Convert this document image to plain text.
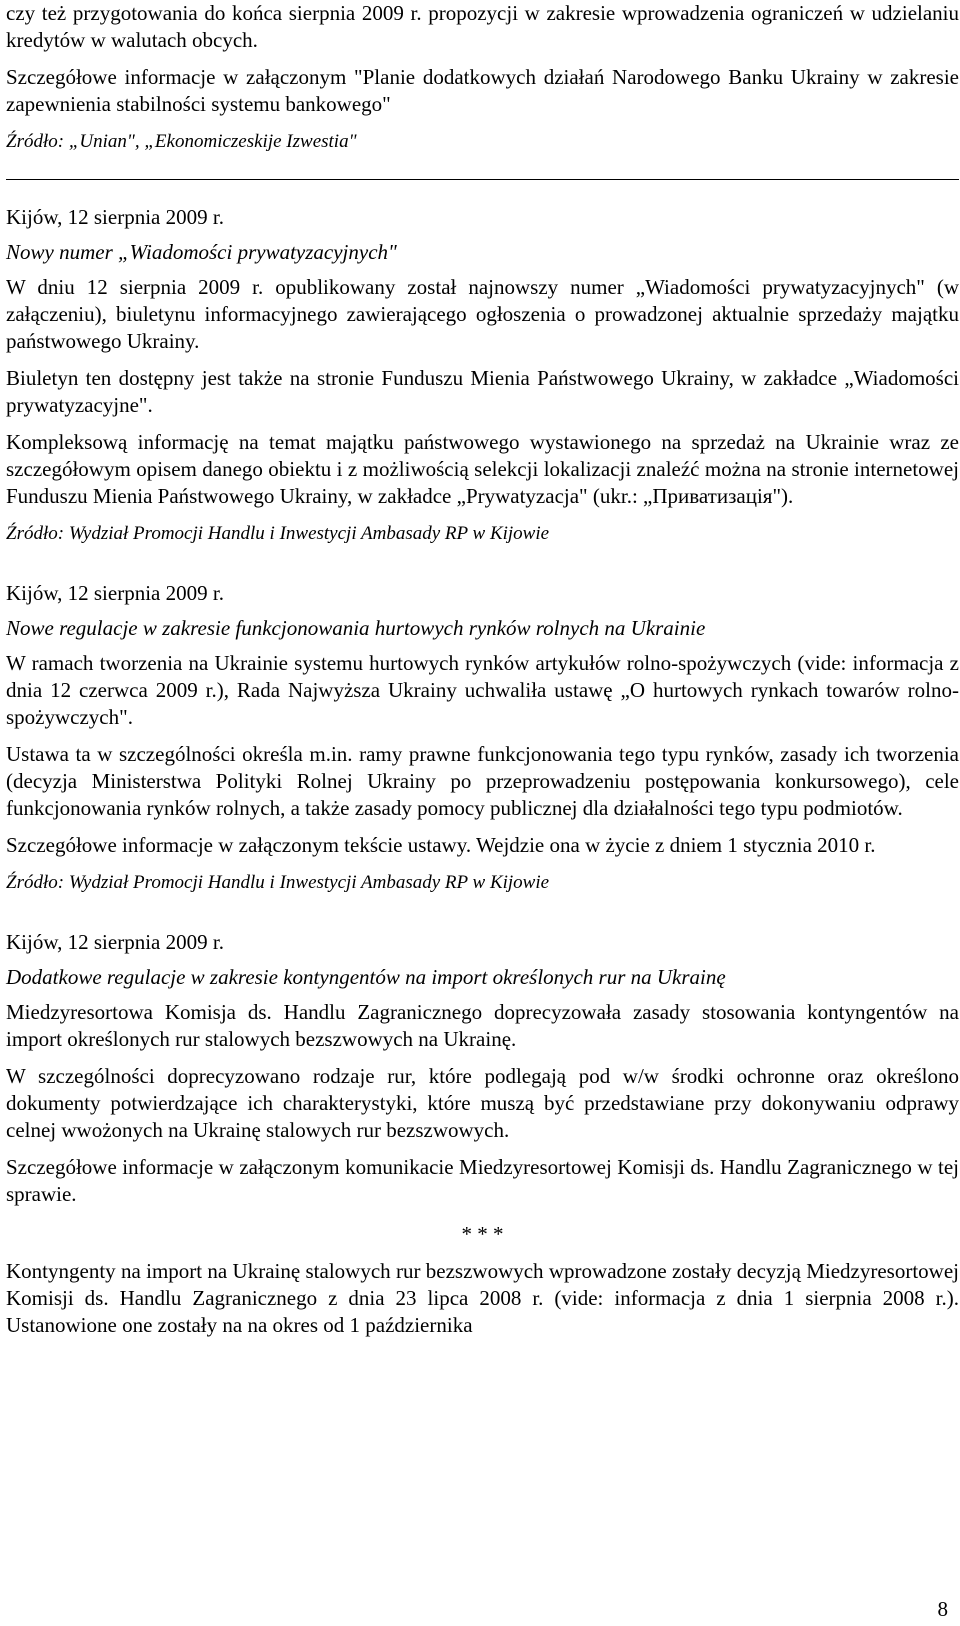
czy też przygotowania do końca sierpnia 2009 r. propozycji w zakresie wprowadzenia ograniczeń w udzielaniu kredytów w walutach obcych.

Szczegółowe informacje w załączonym "Planie dodatkowych działań Narodowego Banku Ukrainy w zakresie zapewnienia stabilności systemu bankowego"

Źródło: „Unian", „Ekonomiczeskije Izwestia"

Kijów, 12 sierpnia 2009 r.

Nowy numer „Wiadomości prywatyzacyjnych"

W dniu 12 sierpnia 2009 r. opublikowany został najnowszy numer „Wiadomości prywatyzacyjnych" (w załączeniu), biuletynu informacyjnego zawierającego ogłoszenia o prowadzonej aktualnie sprzedaży majątku państwowego Ukrainy.

Biuletyn ten dostępny jest także na stronie Funduszu Mienia Państwowego Ukrainy, w zakładce „Wiadomości prywatyzacyjne".

Kompleksową informację na temat majątku państwowego wystawionego na sprzedaż na Ukrainie wraz ze szczegółowym opisem danego obiektu i z możliwością selekcji lokalizacji znaleźć można na stronie internetowej Funduszu Mienia Państwowego Ukrainy, w zakładce „Prywatyzacja" (ukr.: „Приватизація").

Źródło: Wydział Promocji Handlu i Inwestycji Ambasady RP w Kijowie

Kijów, 12 sierpnia 2009 r.

Nowe regulacje w zakresie funkcjonowania hurtowych rynków rolnych na Ukrainie

W ramach tworzenia na Ukrainie systemu hurtowych rynków artykułów rolno-spożywczych (vide: informacja z dnia 12 czerwca 2009 r.), Rada Najwyższa Ukrainy uchwaliła ustawę „O hurtowych rynkach towarów rolno-spożywczych".

Ustawa ta w szczególności określa m.in. ramy prawne funkcjonowania tego typu rynków, zasady ich tworzenia (decyzja Ministerstwa Polityki Rolnej Ukrainy po przeprowadzeniu postępowania konkursowego), cele funkcjonowania rynków rolnych, a także zasady pomocy publicznej dla działalności tego typu podmiotów.

Szczegółowe informacje w załączonym tekście ustawy. Wejdzie ona w życie z dniem 1 stycznia 2010 r.

Źródło: Wydział Promocji Handlu i Inwestycji Ambasady RP w Kijowie

Kijów, 12 sierpnia 2009 r.

Dodatkowe regulacje w zakresie kontyngentów na import określonych rur na Ukrainę

Miedzyresortowa Komisja ds. Handlu Zagranicznego doprecyzowała zasady stosowania kontyngentów na import określonych rur stalowych bezszwowych na Ukrainę.

W szczególności doprecyzowano rodzaje rur, które podlegają pod w/w środki ochronne oraz określono dokumenty potwierdzające ich charakterystyki, które muszą być przedstawiane przy dokonywaniu odprawy celnej wwożonych na Ukrainę stalowych rur bezszwowych.

Szczegółowe informacje w załączonym komunikacie Miedzyresortowej Komisji ds. Handlu Zagranicznego w tej sprawie.

* * *

Kontyngenty na import na Ukrainę stalowych rur bezszwowych wprowadzone zostały decyzją Miedzyresortowej Komisji ds. Handlu Zagranicznego z dnia 23 lipca 2008 r. (vide: informacja z dnia 1 sierpnia 2008 r.). Ustanowione one zostały na na okres od 1 października

8
